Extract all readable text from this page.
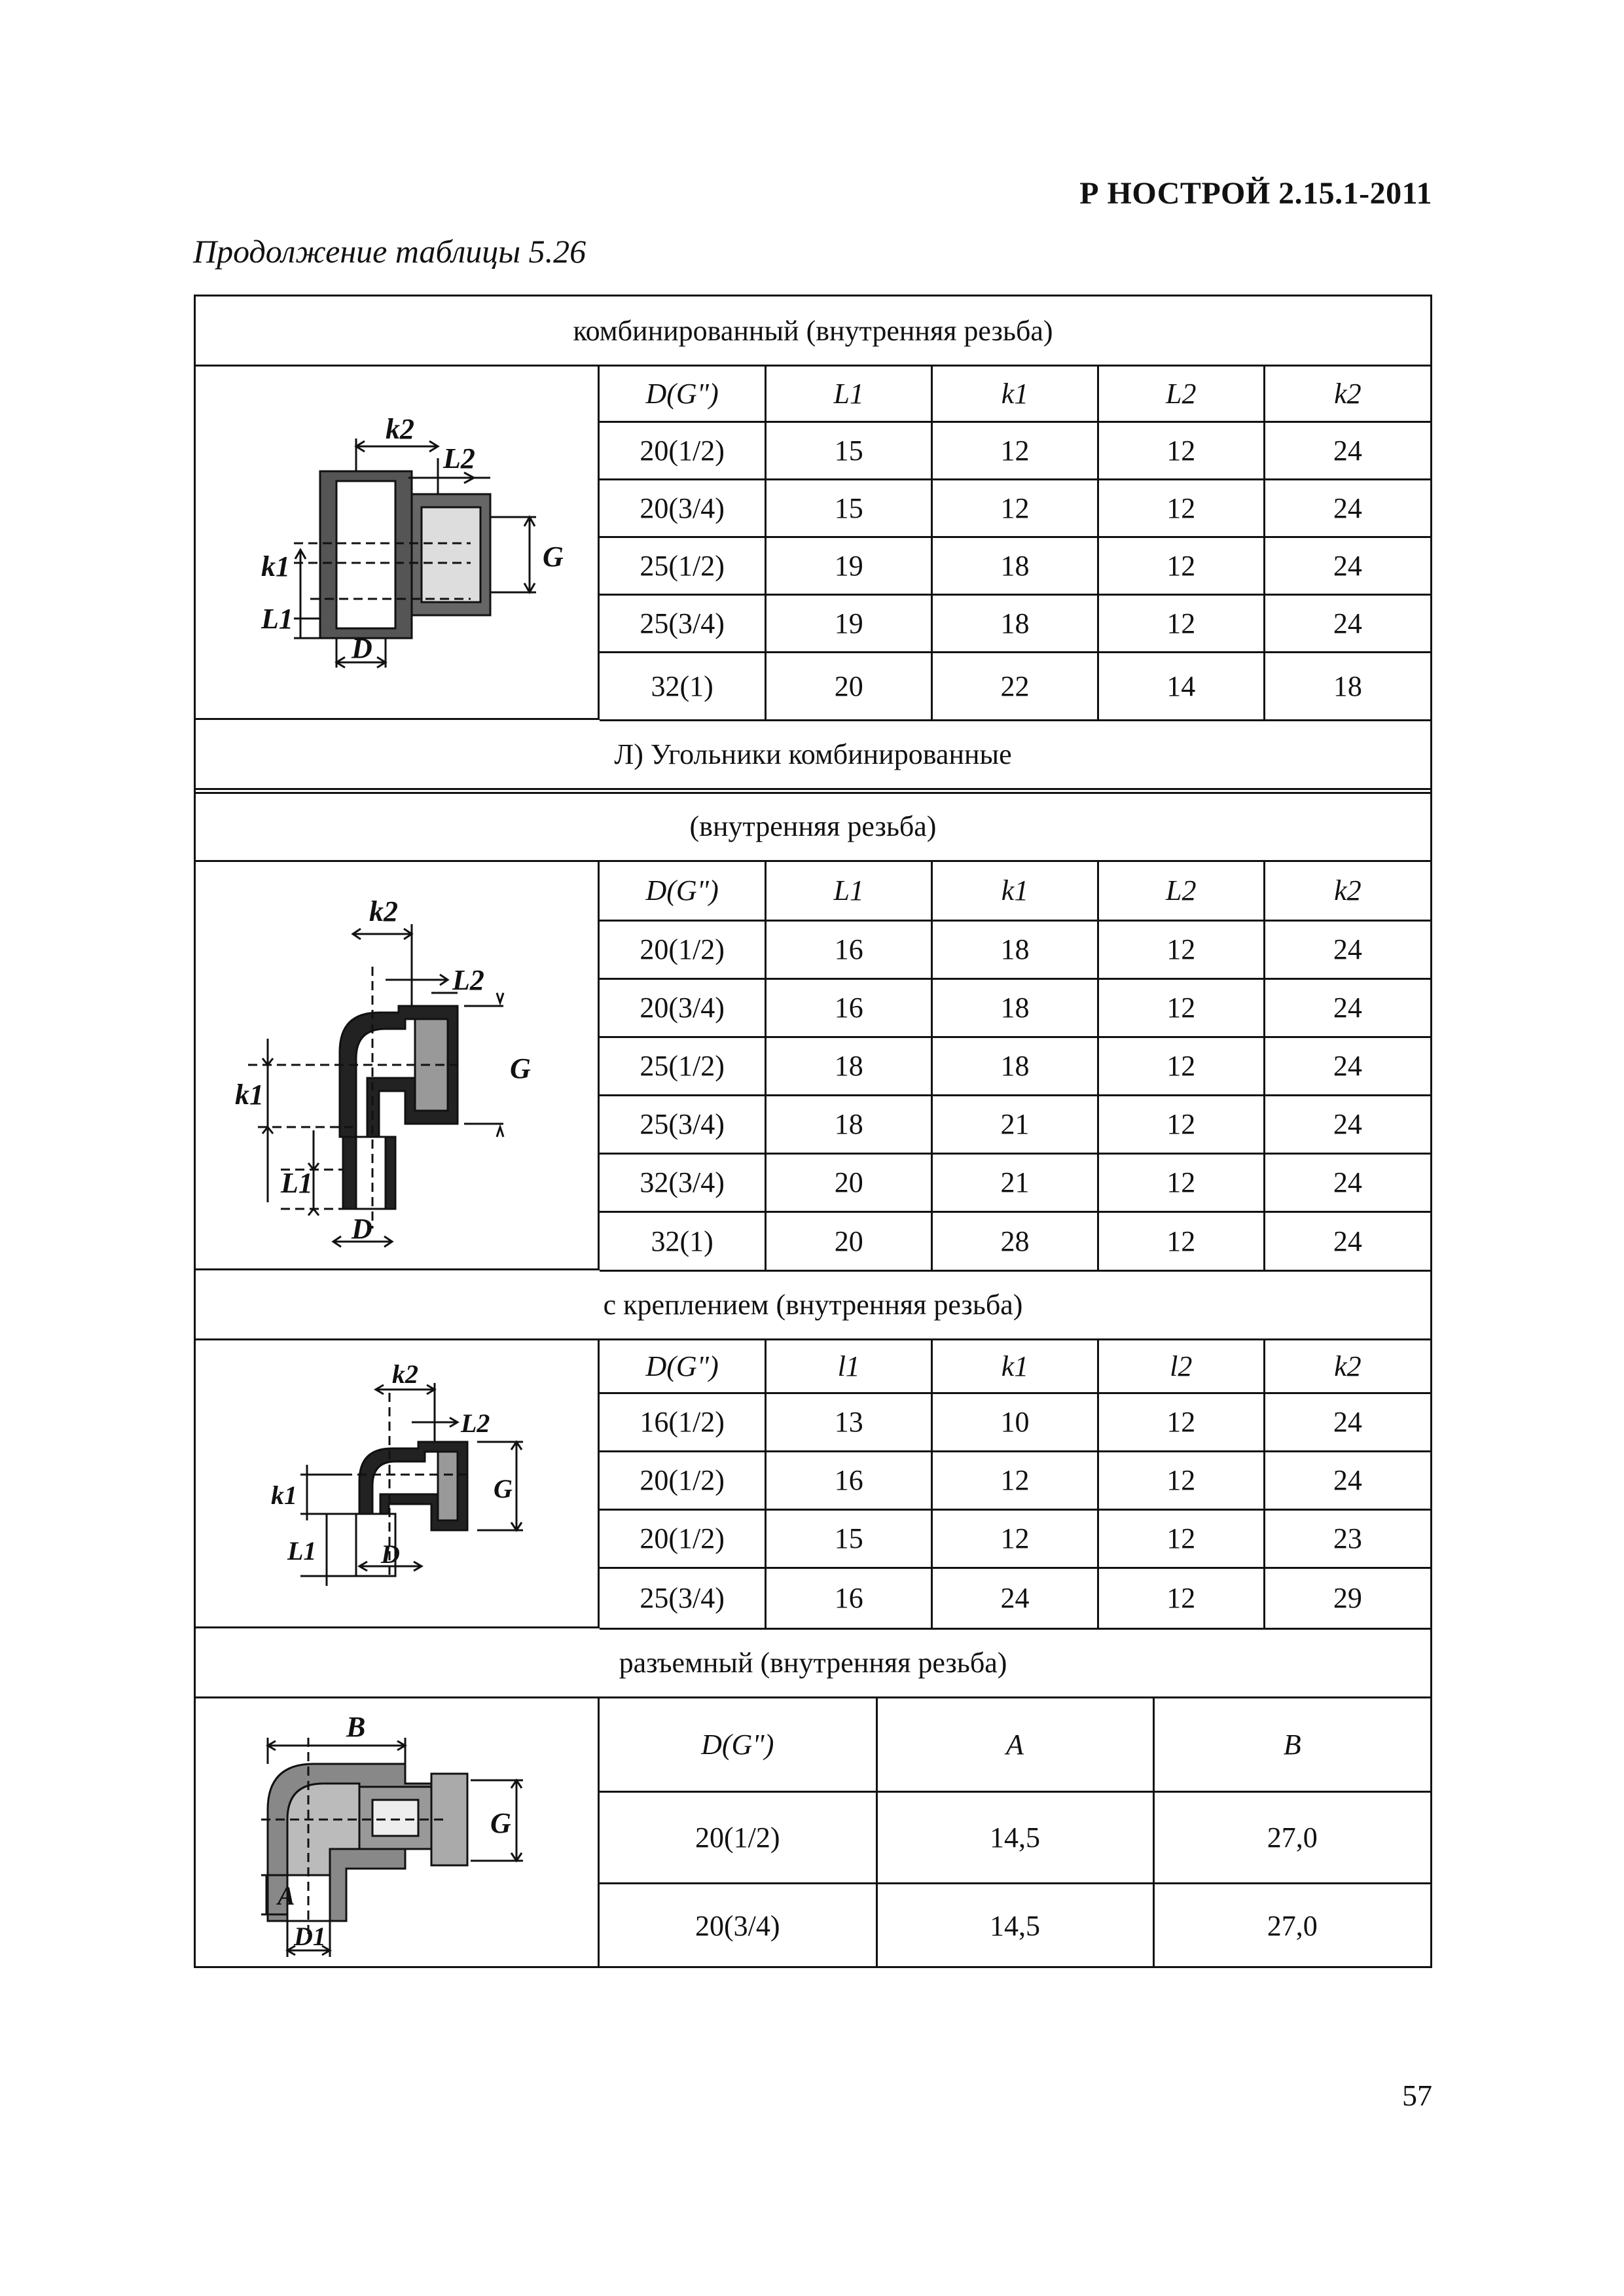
Р НОСТРОЙ 2.15.1-2011
Продолжение таблицы 5.26
комбинированный (внутренняя резьба)
k2
L2
G
k1
L1
D
D(G")	L1	k1	L2	k2
20(1/2)	15	12	12	24
20(3/4)	15	12	12	24
25(1/2)	19	18	12	24
25(3/4)	19	18	12	24
32(1)	20	22	14	18
Л) Угольники комбинированные
(внутренняя резьба)
k2
L2
G
k1
L1
D
D(G")	L1	k1	L2	k2
20(1/2)	16	18	12	24
20(3/4)	16	18	12	24
25(1/2)	18	18	12	24
25(3/4)	18	21	12	24
32(3/4)	20	21	12	24
32(1)	20	28	12	24
с креплением (внутренняя резьба)
k2
L2
G
k1
L1 D
D(G")	l1	k1	l2	k2
16(1/2)	13	10	12	24
20(1/2)	16	12	12	24
20(1/2)	15	12	12	23
25(3/4)	16	24	12	29
разъемный (внутренняя резьба)
B
G
A
D1
D(G")	A	B
20(1/2)	14,5	27,0
20(3/4)	14,5	27,0
57
